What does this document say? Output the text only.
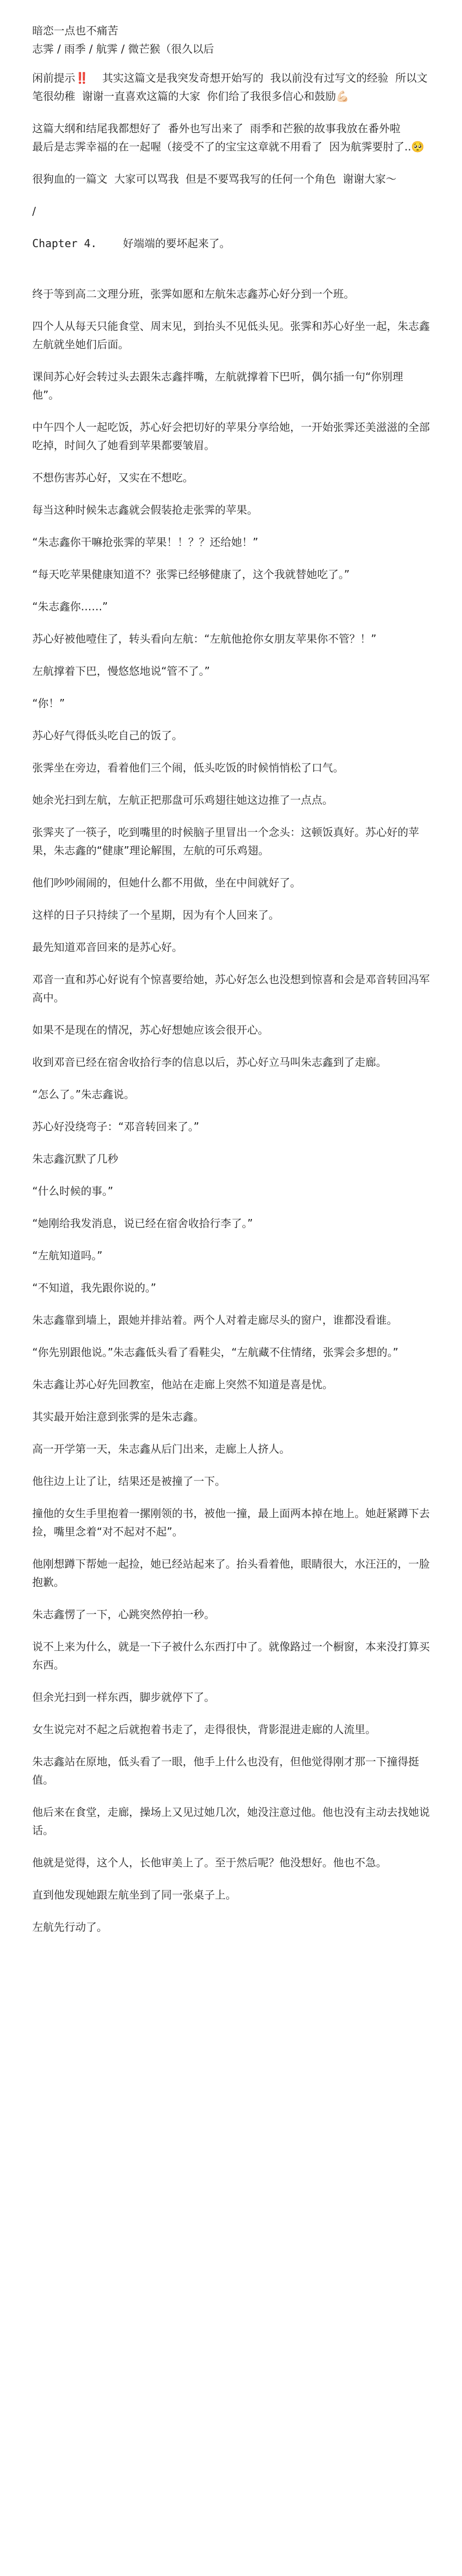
暗恋一点也不痛苦

志霁 / 雨季 / 航霁 / 微芒猴（很久以后

闲前提示‼️    其实这篇文是我突发奇想开始写的  我以前没有过写文的经验  所以文笔很幼稚  谢谢一直喜欢这篇的大家  你们给了我很多信心和鼓励💪🏻

这篇大纲和结尾我都想好了  番外也写出来了  雨季和芒猴的故事我放在番外啦

最后是志霁幸福的在一起喔（接受不了的宝宝这章就不用看了  因为航霁要肘了..🥺

很狗血的一篇文  大家可以骂我  但是不要骂我写的任何一个角色  谢谢大家～

/

Chapter 4.    好端端的要坏起来了。

终于等到高二文理分班，张霁如愿和左航朱志鑫苏心好分到一个班。

四个人从每天只能食堂、周末见，到抬头不见低头见。张霁和苏心好坐一起，朱志鑫左航就坐她们后面。

课间苏心好会转过头去跟朱志鑫拌嘴，左航就撑着下巴听，偶尔插一句“你别理他”。

中午四个人一起吃饭，苏心好会把切好的苹果分享给她，一开始张霁还美滋滋的全部吃掉，时间久了她看到苹果都要皱眉。

不想伤害苏心好，又实在不想吃。

每当这种时候朱志鑫就会假装抢走张霁的苹果。

“朱志鑫你干嘛抢张霁的苹果！！？？还给她！”

“每天吃苹果健康知道不？张霁已经够健康了，这个我就替她吃了。”

“朱志鑫你……”

苏心好被他噎住了，转头看向左航：“左航他抢你女朋友苹果你不管？！”

左航撑着下巴，慢悠悠地说“管不了。”

“你！”

苏心好气得低头吃自己的饭了。

张霁坐在旁边，看着他们三个闹，低头吃饭的时候悄悄松了口气。

她余光扫到左航，左航正把那盘可乐鸡翅往她这边推了一点点。

张霁夹了一筷子，吃到嘴里的时候脑子里冒出一个念头：这顿饭真好。苏心好的苹果，朱志鑫的“健康”理论解围，左航的可乐鸡翅。

他们吵吵闹闹的，但她什么都不用做，坐在中间就好了。

这样的日子只持续了一个星期，因为有个人回来了。

最先知道邓音回来的是苏心好。

邓音一直和苏心好说有个惊喜要给她，苏心好怎么也没想到惊喜和会是邓音转回冯军高中。

如果不是现在的情况，苏心好想她应该会很开心。

收到邓音已经在宿舍收拾行李的信息以后，苏心好立马叫朱志鑫到了走廊。

“怎么了。”朱志鑫说。

苏心好没绕弯子：“邓音转回来了。”

朱志鑫沉默了几秒

“什么时候的事。”

“她刚给我发消息，说已经在宿舍收拾行李了。”

“左航知道吗。”

“不知道，我先跟你说的。”

朱志鑫靠到墙上，跟她并排站着。两个人对着走廊尽头的窗户，谁都没看谁。

“你先别跟他说。”朱志鑫低头看了看鞋尖，“左航藏不住情绪，张霁会多想的。”

朱志鑫让苏心好先回教室，他站在走廊上突然不知道是喜是忧。

其实最开始注意到张霁的是朱志鑫。

高一开学第一天，朱志鑫从后门出来，走廊上人挤人。

他往边上让了让，结果还是被撞了一下。

撞他的女生手里抱着一摞刚领的书，被他一撞，最上面两本掉在地上。她赶紧蹲下去捡，嘴里念着“对不起对不起”。

他刚想蹲下帮她一起捡，她已经站起来了。抬头看着他，眼睛很大，水汪汪的，一脸抱歉。

朱志鑫愣了一下，心跳突然停拍一秒。

说不上来为什么，就是一下子被什么东西打中了。就像路过一个橱窗，本来没打算买东西。

但余光扫到一样东西，脚步就停下了。

女生说完对不起之后就抱着书走了，走得很快，背影混进走廊的人流里。

朱志鑫站在原地，低头看了一眼，他手上什么也没有，但他觉得刚才那一下撞得挺值。

他后来在食堂，走廊，操场上又见过她几次，她没注意过他。他也没有主动去找她说话。

他就是觉得，这个人，长他审美上了。至于然后呢？他没想好。他也不急。

直到他发现她跟左航坐到了同一张桌子上。

左航先行动了。
